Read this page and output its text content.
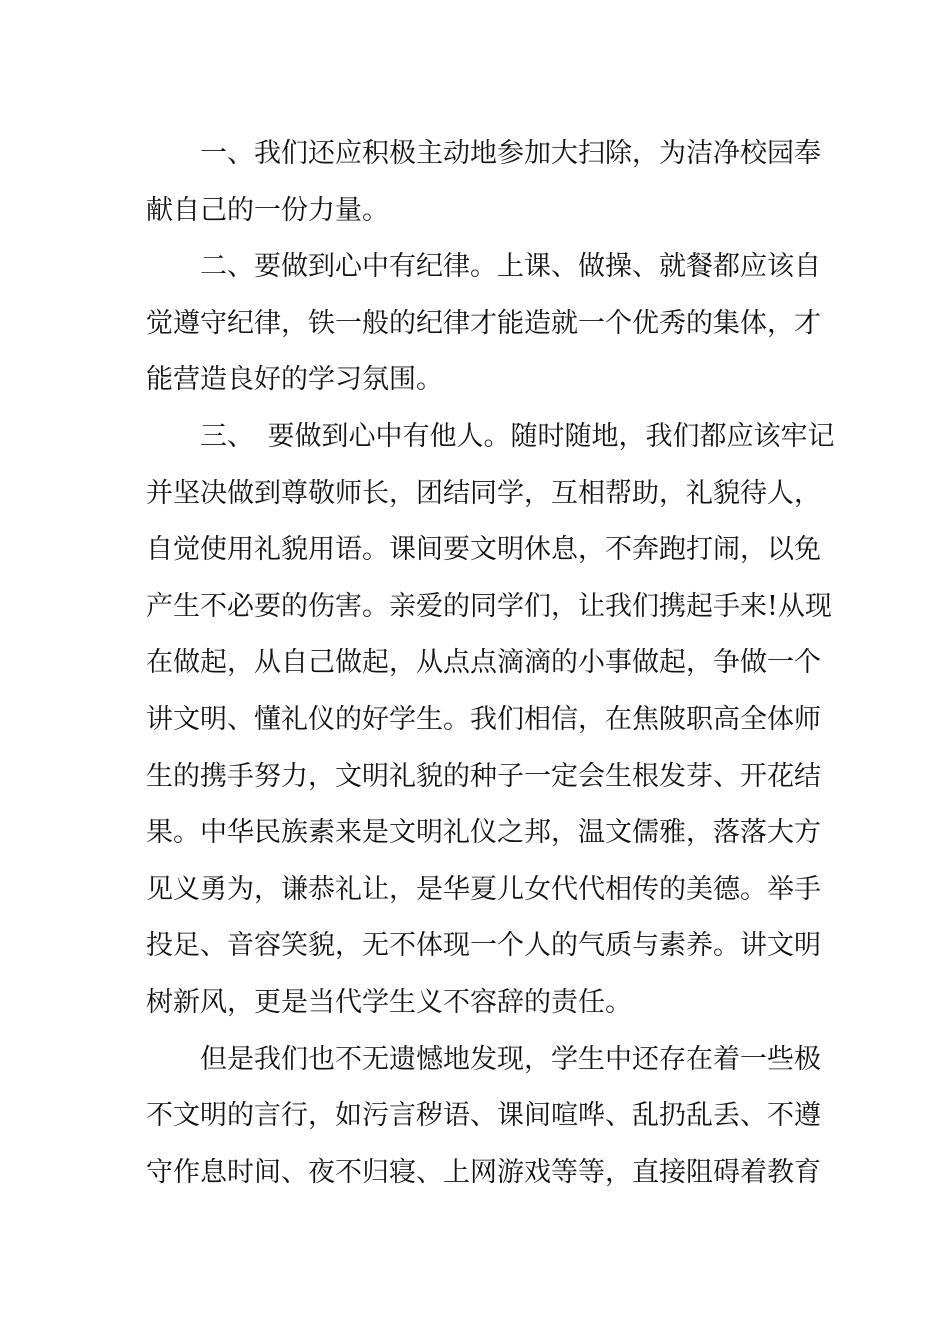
一、我们还应积极主动地参加大扫除，为洁净校园奉
献自己的一份力量。
二、要做到心中有纪律。上课、做操、就餐都应该自
觉遵守纪律，铁一般的纪律才能造就一个优秀的集体，才
能营造良好的学习氛围。
三、　要做到心中有他人。随时随地，我们都应该牢记
并坚决做到尊敬师长，团结同学，互相帮助，礼貌待人，
自觉使用礼貌用语。课间要文明休息，不奔跑打闹，以免
产生不必要的伤害。亲爱的同学们，让我们携起手来!从现
在做起，从自己做起，从点点滴滴的小事做起，争做一个
讲文明、懂礼仪的好学生。我们相信，在焦陂职高全体师
生的携手努力，文明礼貌的种子一定会生根发芽、开花结
果。中华民族素来是文明礼仪之邦，温文儒雅，落落大方
见义勇为，谦恭礼让，是华夏儿女代代相传的美德。举手
投足、音容笑貌，无不体现一个人的气质与素养。讲文明
树新风，更是当代学生义不容辞的责任。
但是我们也不无遗憾地发现，学生中还存在着一些极
不文明的言行，如污言秽语、课间喧哗、乱扔乱丢、不遵
守作息时间、夜不归寝、上网游戏等等，直接阻碍着教育
